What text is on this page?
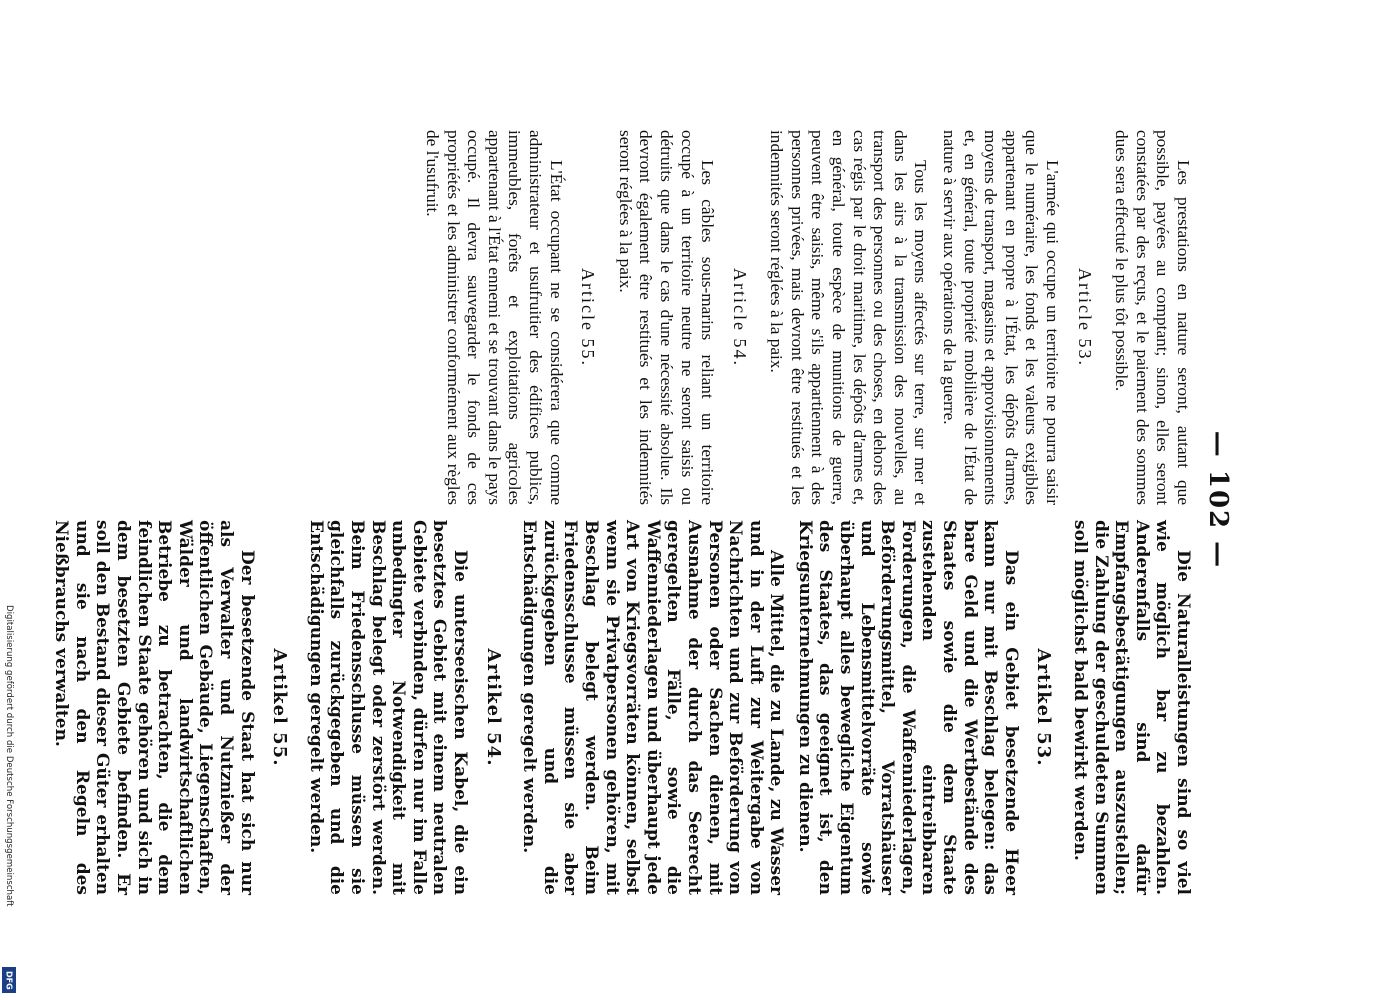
— 102 —

Les prestations en nature seront, autant que possible, payées au comptant; sinon, elles seront constatées par des reçus, et le paiement des sommes dues sera effectué le plus tôt possible.

Article 53.

L'armée qui occupe un territoire ne pourra saisir que le numéraire, les fonds et les valeurs exigibles appartenant en propre à l'État, les dépôts d'armes, moyens de transport, magasins et approvisionnements et, en général, toute propriété mobilière de l'État de nature à servir aux opérations de la guerre.

Tous les moyens affectés sur terre, sur mer et dans les airs à la transmission des nouvelles, au transport des personnes ou des choses, en dehors des cas régis par le droit maritime, les dépôts d'armes et, en général, toute espèce de munitions de guerre, peuvent être saisis, même s'ils appartiennent à des personnes privées, mais devront être restitués et les indemnités seront réglées à la paix.

Article 54.

Les câbles sous-marins reliant un territoire occupé à un territoire neutre ne seront saisis ou détruits que dans le cas d'une nécessité absolue. Ils devront également être restitués et les indemnités seront réglées à la paix.

Article 55.

L'État occupant ne se considérera que comme administrateur et usufruitier des édifices publics, immeubles, forêts et exploitations agricoles appartenant à l'État ennemi et se trouvant dans le pays occupé. Il devra sauvegarder le fonds de ces propriétés et les administrer conformément aux règles de l'usufruit.

Die Naturalleistungen sind so viel wie möglich bar zu bezahlen. Anderenfalls sind dafür Empfangsbestätigungen auszustellen; die Zahlung der geschuldeten Summen soll möglichst bald bewirkt werden.

Artikel 53.

Das ein Gebiet besetzende Heer kann nur mit Beschlag belegen: das bare Geld und die Wertbestände des Staates sowie die dem Staate zustehenden eintreibbaren Forderungen, die Waffenniederlagen, Beförderungsmittel, Vorratshäuser und Lebensmittelvorräte sowie überhaupt alles bewegliche Eigentum des Staates, das geeignet ist, den Kriegsunternehmungen zu dienen.

Alle Mittel, die zu Lande, zu Wasser und in der Luft zur Weitergabe von Nachrichten und zur Beförderung von Personen oder Sachen dienen, mit Ausnahme der durch das Seerecht geregelten Fälle, sowie die Waffenniederlagen und überhaupt jede Art von Kriegsvorräten können, selbst wenn sie Privatpersonen gehören, mit Beschlag belegt werden. Beim Friedensschlusse müssen sie aber zurückgegeben und die Entschädigungen geregelt werden.

Artikel 54.

Die unterseeischen Kabel, die ein besetztes Gebiet mit einem neutralen Gebiete verbinden, dürfen nur im Falle unbedingter Notwendigkeit mit Beschlag belegt oder zerstört werden. Beim Friedensschlusse müssen sie gleichfalls zurückgegeben und die Entschädigungen geregelt werden.

Artikel 55.

Der besetzende Staat hat sich nur als Verwalter und Nutznießer der öffentlichen Gebäude, Liegenschaften, Wälder und landwirtschaftlichen Betriebe zu betrachten, die dem feindlichen Staate gehören und sich in dem besetzten Gebiete befinden. Er soll den Bestand dieser Güter erhalten und sie nach den Regeln des Nießbrauchs verwalten.

Digitalisierung gefördert durch die Deutsche Forschungsgemeinschaft
DFG
